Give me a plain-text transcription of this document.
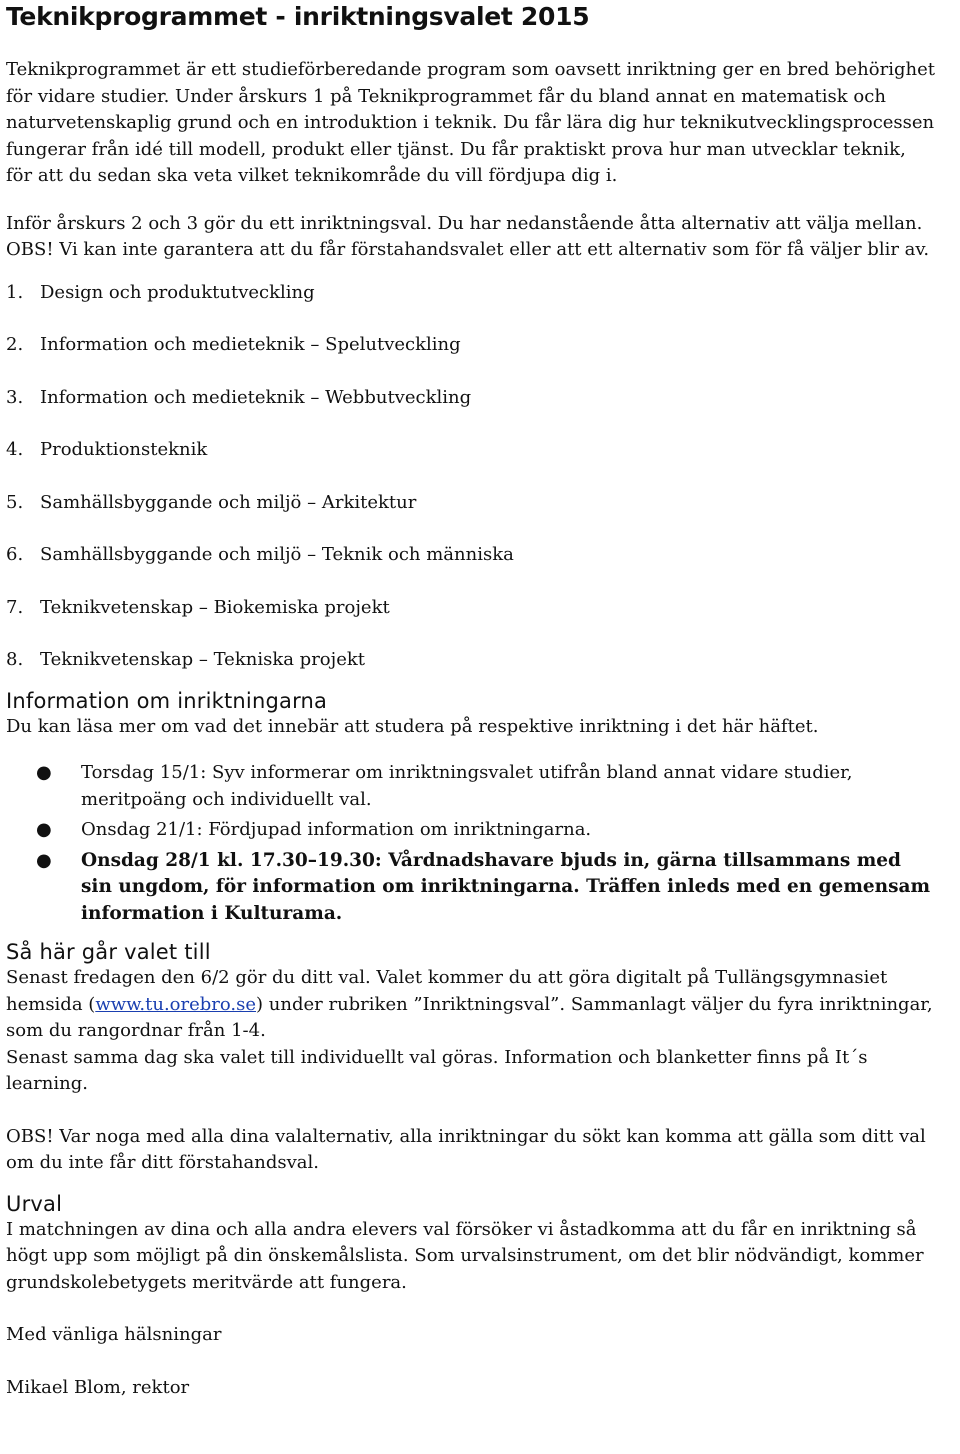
Teknikprogrammet - inriktningsvalet 2015

Teknikprogrammet är ett studieförberedande program som oavsett inriktning ger en bred behörighet för vidare studier. Under årskurs 1 på Teknikprogrammet får du bland annat en matematisk och naturvetenskaplig grund och en introduktion i teknik. Du får lära dig hur teknikutvecklingsprocessen fungerar från idé till modell, produkt eller tjänst. Du får praktiskt prova hur man utvecklar teknik, för att du sedan ska veta vilket teknikområde du vill fördjupa dig i.

Inför årskurs 2 och 3 gör du ett inriktningsval. Du har nedanstående åtta alternativ att välja mellan.

OBS! Vi kan inte garantera att du får förstahandsvalet eller att ett alternativ som för få väljer blir av.

1. Design och produktutveckling
2. Information och medieteknik – Spelutveckling
3. Information och medieteknik – Webbutveckling
4. Produktionsteknik
5. Samhällsbyggande och miljö – Arkitektur
6. Samhällsbyggande och miljö – Teknik och människa
7. Teknikvetenskap – Biokemiska projekt
8. Teknikvetenskap – Tekniska projekt
Information om inriktningarna

Du kan läsa mer om vad det innebär att studera på respektive inriktning i det här häftet.

● Torsdag 15/1: Syv informerar om inriktningsvalet utifrån bland annat vidare studier, meritpoäng och individuellt val.
● Onsdag 21/1: Fördjupad information om inriktningarna.
● Onsdag 28/1 kl. 17.30–19.30: Vårdnadshavare bjuds in, gärna tillsammans med sin ungdom, för information om inriktningarna. Träffen inleds med en gemensam information i Kulturama.
Så här går valet till

Senast fredagen den 6/2 gör du ditt val. Valet kommer du att göra digitalt på Tullängsgymnasiet hemsida (www.tu.orebro.se) under rubriken ”Inriktningsval”. Sammanlagt väljer du fyra inriktningar, som du rangordnar från 1-4.

Senast samma dag ska valet till individuellt val göras. Information och blanketter finns på It´s learning.

OBS! Var noga med alla dina valalternativ, alla inriktningar du sökt kan komma att gälla som ditt val om du inte får ditt förstahandsval.

Urval

I matchningen av dina och alla andra elevers val försöker vi åstadkomma att du får en inriktning så högt upp som möjligt på din önskemålslista. Som urvalsinstrument, om det blir nödvändigt, kommer grundskolebetygets meritvärde att fungera.

Med vänliga hälsningar

Mikael Blom, rektor
